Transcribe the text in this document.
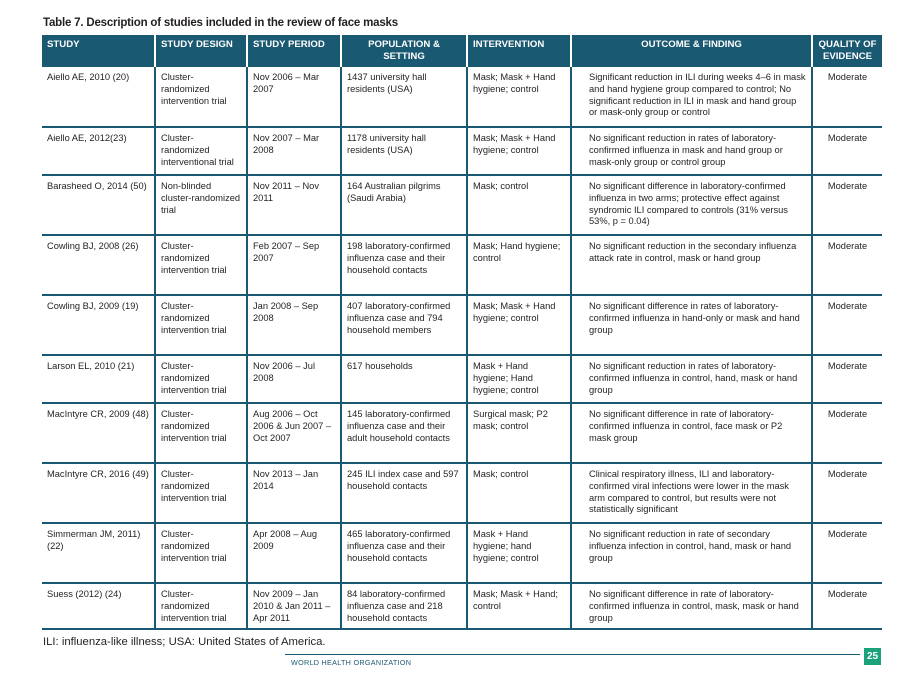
Table 7. Description of studies included in the review of face masks
STUDY	STUDY DESIGN	STUDY PERIOD	POPULATION & SETTING	INTERVENTION	OUTCOME & FINDING	QUALITY OF EVIDENCE
Aiello AE, 2010 (20)	Cluster-randomized intervention trial	Nov 2006 – Mar 2007	1437 university hall residents (USA)	Mask; Mask + Hand hygiene; control	Significant reduction in ILI during weeks 4–6 in mask and hand hygiene group compared to control; No significant reduction in ILI in mask and hand group or mask-only group or control	Moderate
Aiello AE, 2012(23)	Cluster-randomized interventional trial	Nov 2007 – Mar 2008	1178 university hall residents (USA)	Mask; Mask + Hand hygiene; control	No significant reduction in rates of laboratory-confirmed influenza in mask and hand group or mask-only group or control group	Moderate
Barasheed O, 2014 (50)	Non-blinded cluster-randomized trial	Nov 2011 – Nov 2011	164 Australian pilgrims (Saudi Arabia)	Mask; control	No significant difference in laboratory-confirmed influenza in two arms; protective effect against syndromic ILI compared to controls (31% versus 53%, p = 0.04)	Moderate
Cowling BJ, 2008 (26)	Cluster-randomized intervention trial	Feb 2007 – Sep 2007	198 laboratory-confirmed influenza case and their household contacts	Mask; Hand hygiene; control	No significant reduction in the secondary influenza attack rate in control, mask or hand group	Moderate
Cowling BJ, 2009 (19)	Cluster-randomized intervention trial	Jan 2008 – Sep 2008	407 laboratory-confirmed influenza case and 794 household members	Mask; Mask + Hand hygiene; control	No significant difference in rates of laboratory-confirmed influenza in hand-only or mask and hand group	Moderate
Larson EL, 2010 (21)	Cluster-randomized intervention trial	Nov 2006 – Jul 2008	617 households	Mask + Hand hygiene; Hand hygiene; control	No significant reduction in rates of laboratory-confirmed influenza in control, hand, mask or hand group	Moderate
MacIntyre CR, 2009 (48)	Cluster-randomized intervention trial	Aug 2006 – Oct 2006 & Jun 2007 – Oct 2007	145 laboratory-confirmed influenza case and their adult household contacts	Surgical mask; P2 mask; control	No significant difference in rate of laboratory-confirmed influenza in control, face mask or P2 mask group	Moderate
MacIntyre CR, 2016 (49)	Cluster-randomized intervention trial	Nov 2013 – Jan 2014	245 ILI index case and 597 household contacts	Mask; control	Clinical respiratory illness, ILI and laboratory-confirmed viral infections were lower in the mask arm compared to control, but results were not statistically significant	Moderate
Simmerman JM, 2011) (22)	Cluster-randomized intervention trial	Apr 2008 – Aug 2009	465 laboratory-confirmed influenza case and their household contacts	Mask + Hand hygiene; hand hygiene; control	No significant reduction in rate of secondary influenza infection in control, hand, mask or hand group	Moderate
Suess (2012) (24)	Cluster-randomized intervention trial	Nov 2009 – Jan 2010 & Jan 2011 – Apr 2011	84 laboratory-confirmed influenza case and 218 household contacts	Mask; Mask + Hand; control	No significant difference in rate of laboratory-confirmed influenza in control, mask, mask or hand group	Moderate
ILI: influenza-like illness; USA: United States of America.
WORLD HEALTH ORGANIZATION
25
